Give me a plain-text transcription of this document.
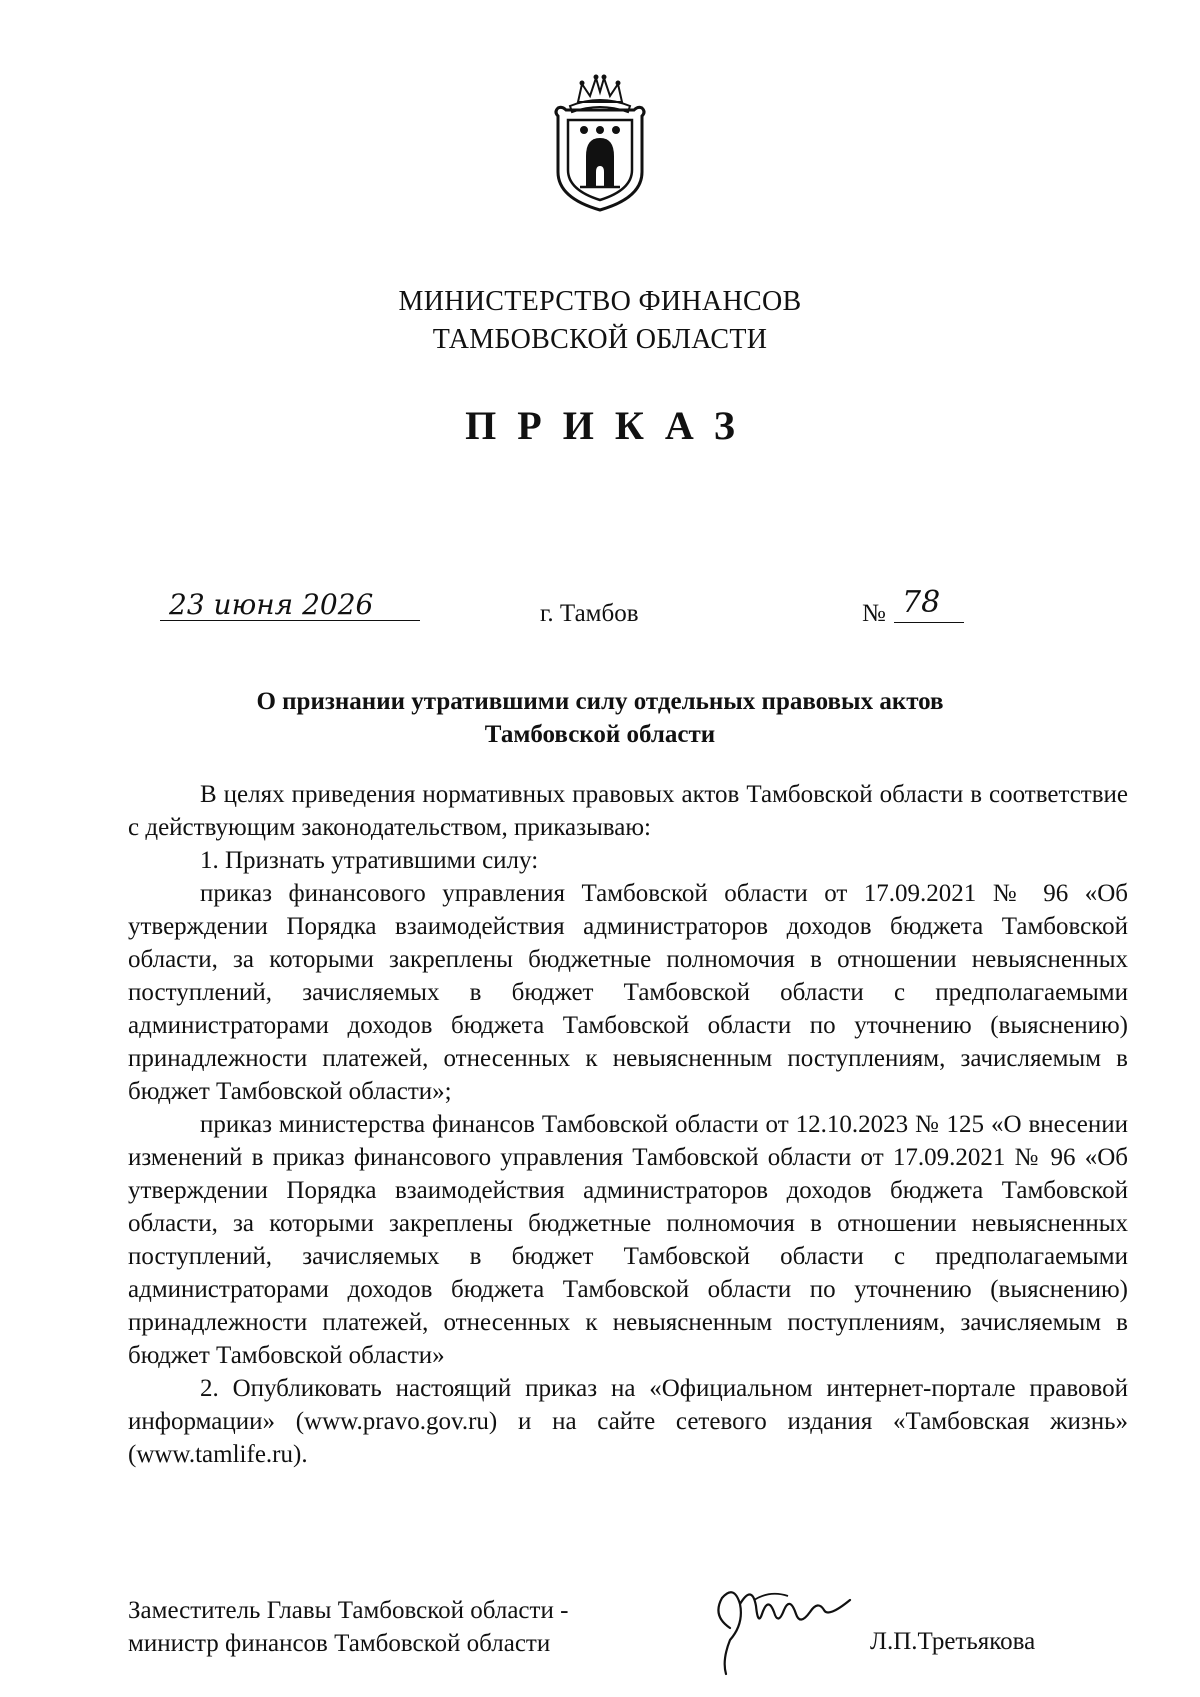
МИНИСТЕРСТВО ФИНАНСОВ
ТАМБОВСКОЙ ОБЛАСТИ
ПРИКАЗ
23 июня 2026	г. Тамбов	№ 78
О признании утратившими силу отдельных правовых актов
Тамбовской области

В целях приведения нормативных правовых актов Тамбовской области в соответствие с действующим законодательством, приказываю:

1. Признать утратившими силу:

приказ финансового управления Тамбовской области от 17.09.2021 № 96 «Об утверждении Порядка взаимодействия администраторов доходов бюджета Тамбовской области, за которыми закреплены бюджетные полномочия в отношении невыясненных поступлений, зачисляемых в бюджет Тамбовской области с предполагаемыми администраторами доходов бюджета Тамбовской области по уточнению (выяснению) принадлежности платежей, отнесенных к невыясненным поступлениям, зачисляемым в бюджет Тамбовской области»;

приказ министерства финансов Тамбовской области от 12.10.2023 № 125 «О внесении изменений в приказ финансового управления Тамбовской области от 17.09.2021 № 96 «Об утверждении Порядка взаимодействия администраторов доходов бюджета Тамбовской области, за которыми закреплены бюджетные полномочия в отношении невыясненных поступлений, зачисляемых в бюджет Тамбовской области с предполагаемыми администраторами доходов бюджета Тамбовской области по уточнению (выяснению) принадлежности платежей, отнесенных к невыясненным поступлениям, зачисляемым в бюджет Тамбовской области»

2. Опубликовать настоящий приказ на «Официальном интернет-портале правовой информации» (www.pravo.gov.ru) и на сайте сетевого издания «Тамбовская жизнь» (www.tamlife.ru).

Заместитель Главы Тамбовской области -
министр финансов Тамбовской области	Л.П.Третьякова
